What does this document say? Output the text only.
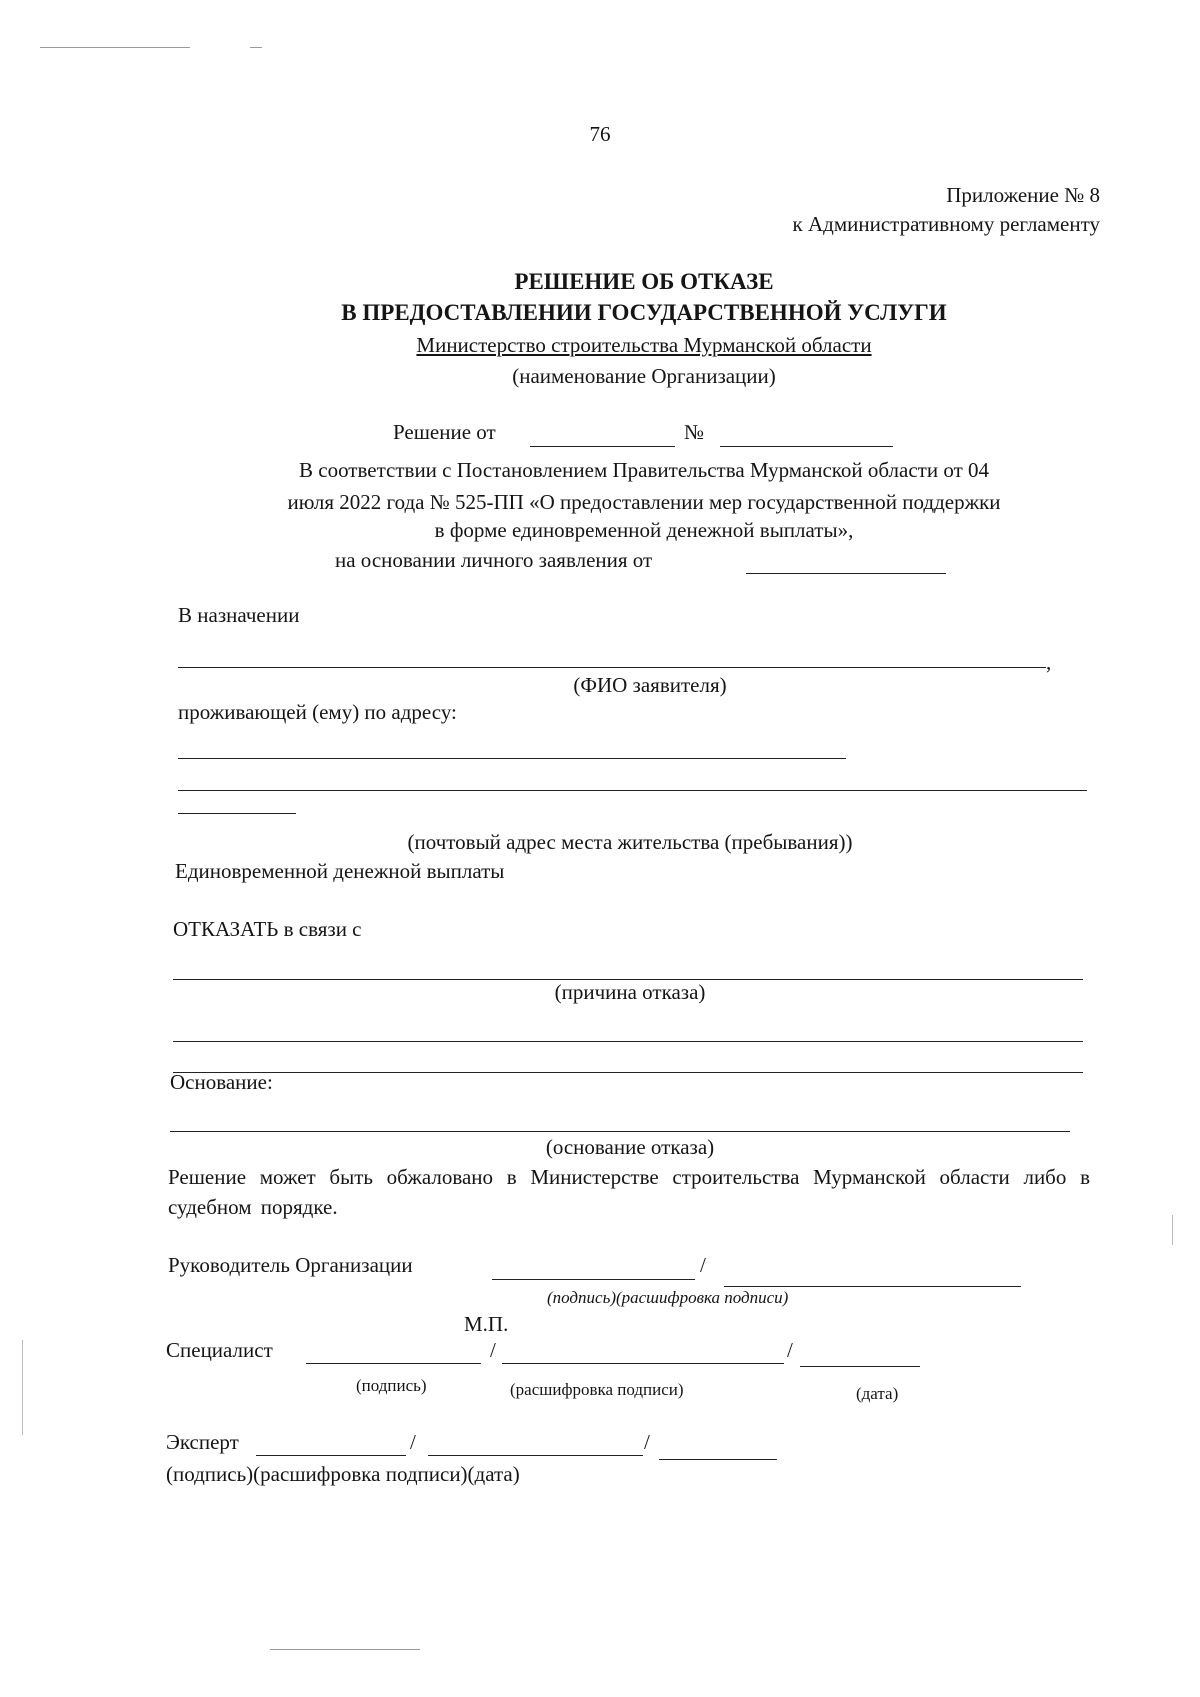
76
Приложение № 8
к Административному регламенту
РЕШЕНИЕ ОБ ОТКАЗЕ
В ПРЕДОСТАВЛЕНИИ ГОСУДАРСТВЕННОЙ УСЛУГИ
Министерство строительства Мурманской области
(наименование Организации)
Решение от	№
В соответствии с Постановлением Правительства Мурманской области от 04
июля 2022 года № 525-ПП «О предоставлении мер государственной поддержки
в форме единовременной денежной выплаты»,
на основании личного заявления от
В назначении
,
(ФИО заявителя)
проживающей (ему) по адресу:
(почтовый адрес места жительства (пребывания))
Единовременной денежной выплаты
ОТКАЗАТЬ в связи с
(причина отказа)
Основание:
(основание отказа)
Решение может быть обжаловано в Министерстве строительства Мурманской области либо в судебном порядке.
Руководитель Организации	/
(подпись)(расшифровка подписи)
М.П.
Специалист	/	/
(подпись)	(расшифровка подписи)	(дата)
Эксперт	/	/
(подпись)(расшифровка подписи)(дата)
